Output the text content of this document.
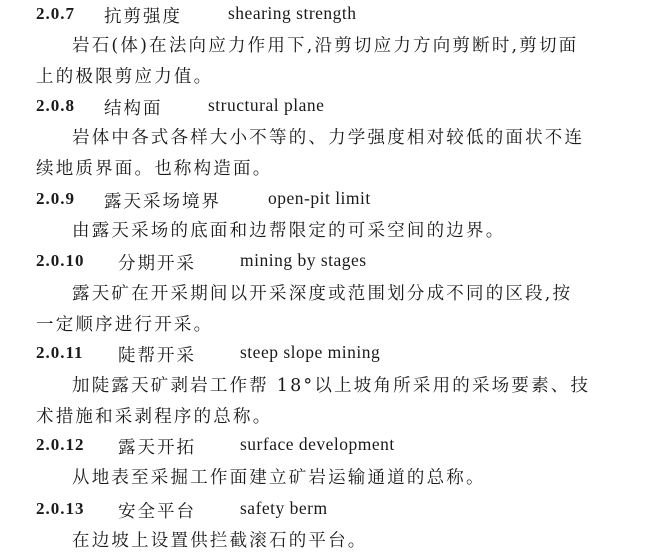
2.0.7 抗剪强度	shearing strength
岩石(体)在法向应力作用下,沿剪切应力方向剪断时,剪切面
上的极限剪应力值。
2.0.8 结构面	structural plane
岩体中各式各样大小不等的、力学强度相对较低的面状不连
续地质界面。也称构造面。
2.0.9 露天采场境界	open-pit limit
由露天采场的底面和边帮限定的可采空间的边界。
2.0.10 分期开采	mining by stages
露天矿在开采期间以开采深度或范围划分成不同的区段,按
一定顺序进行开采。
2.0.11 陡帮开采	steep slope mining
加陡露天矿剥岩工作帮 18°以上坡角所采用的采场要素、技
术措施和采剥程序的总称。
2.0.12 露天开拓	surface development
从地表至采掘工作面建立矿岩运输通道的总称。
2.0.13 安全平台	safety berm
在边坡上设置供拦截滚石的平台。
